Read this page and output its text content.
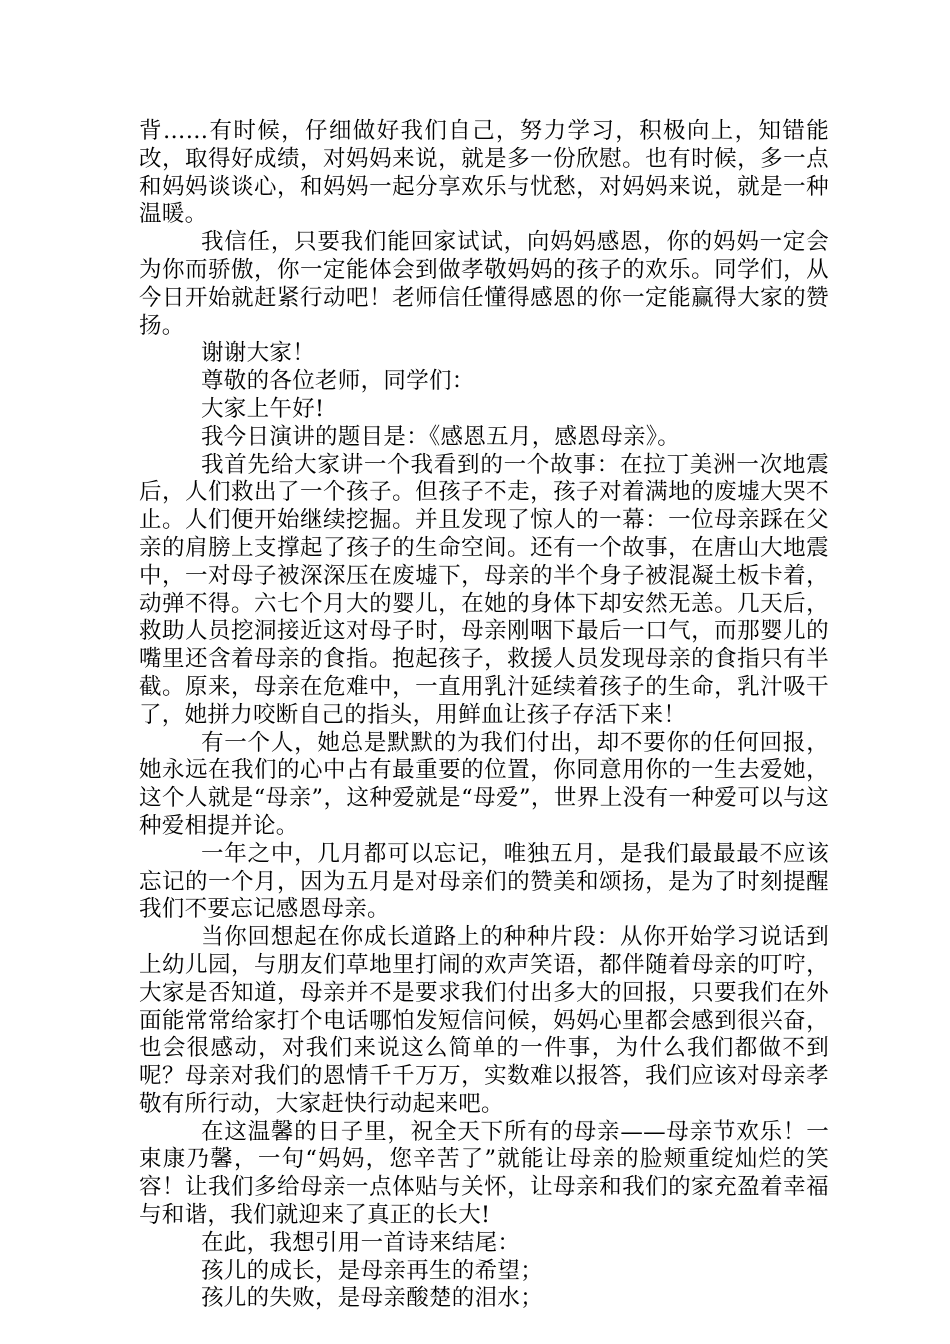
背……有时候，仔细做好我们自己，努力学习，积极向上，知错能改，取得好成绩，对妈妈来说，就是多一份欣慰。也有时候，多一点和妈妈谈谈心，和妈妈一起分享欢乐与忧愁，对妈妈来说，就是一种温暖。

我信任，只要我们能回家试试，向妈妈感恩，你的妈妈一定会为你而骄傲，你一定能体会到做孝敬妈妈的孩子的欢乐。同学们，从今日开始就赶紧行动吧！老师信任懂得感恩的你一定能赢得大家的赞扬。

谢谢大家！

尊敬的各位老师，同学们：

大家上午好!

我今日演讲的题目是：《感恩五月，感恩母亲》。

我首先给大家讲一个我看到的一个故事：在拉丁美洲一次地震后，人们救出了一个孩子。但孩子不走，孩子对着满地的废墟大哭不止。人们便开始继续挖掘。并且发现了惊人的一幕：一位母亲踩在父亲的肩膀上支撑起了孩子的生命空间。还有一个故事，在唐山大地震中，一对母子被深深压在废墟下，母亲的半个身子被混凝土板卡着，动弹不得。六七个月大的婴儿，在她的身体下却安然无恙。几天后，救助人员挖洞接近这对母子时，母亲刚咽下最后一口气，而那婴儿的嘴里还含着母亲的食指。抱起孩子，救援人员发现母亲的食指只有半截。原来，母亲在危难中，一直用乳汁延续着孩子的生命，乳汁吸干了，她拼力咬断自己的指头，用鲜血让孩子存活下来！

有一个人，她总是默默的为我们付出，却不要你的任何回报，她永远在我们的心中占有最重要的位置，你同意用你的一生去爱她，这个人就是“母亲”，这种爱就是“母爱”，世界上没有一种爱可以与这种爱相提并论。

一年之中，几月都可以忘记，唯独五月，是我们最最最不应该忘记的一个月，因为五月是对母亲们的赞美和颂扬，是为了时刻提醒我们不要忘记感恩母亲。

当你回想起在你成长道路上的种种片段：从你开始学习说话到上幼儿园，与朋友们草地里打闹的欢声笑语，都伴随着母亲的叮咛，大家是否知道，母亲并不是要求我们付出多大的回报，只要我们在外面能常常给家打个电话哪怕发短信问候，妈妈心里都会感到很兴奋，也会很感动，对我们来说这么简单的一件事，为什么我们都做不到呢？母亲对我们的恩情千千万万，实数难以报答，我们应该对母亲孝敬有所行动，大家赶快行动起来吧。

在这温馨的日子里，祝全天下所有的母亲——母亲节欢乐！一束康乃馨，一句“妈妈，您辛苦了”就能让母亲的脸颊重绽灿烂的笑容！让我们多给母亲一点体贴与关怀，让母亲和我们的家充盈着幸福与和谐，我们就迎来了真正的长大!

在此，我想引用一首诗来结尾：

孩儿的成长，是母亲再生的希望；

孩儿的失败，是母亲酸楚的泪水；
